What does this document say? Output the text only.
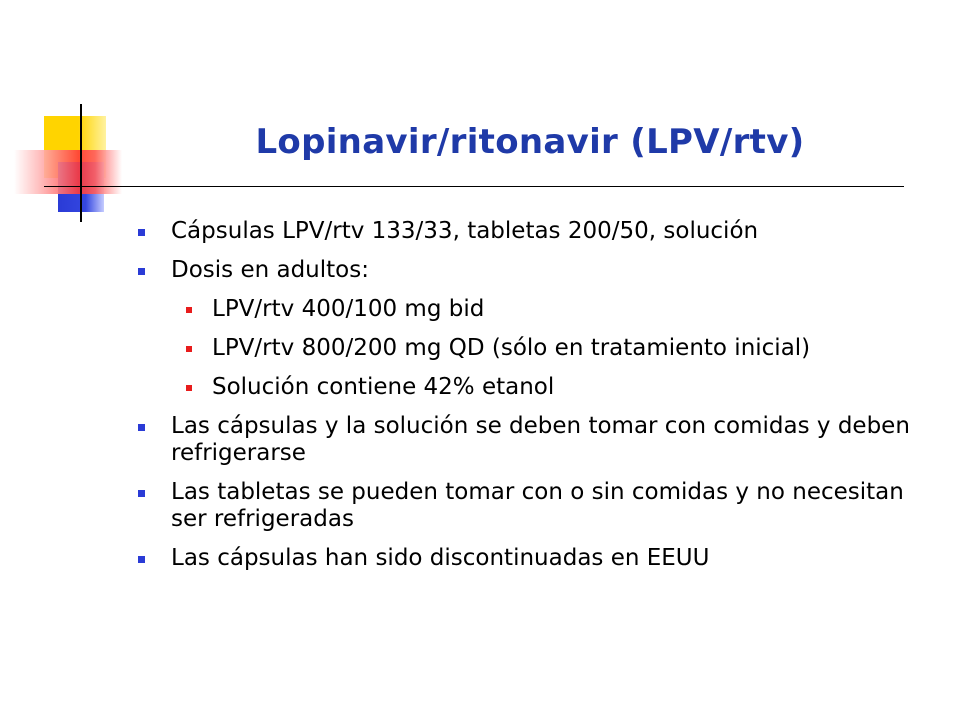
Lopinavir/ritonavir (LPV/rtv)
Cápsulas LPV/rtv 133/33, tabletas 200/50, solución
Dosis en adultos:
LPV/rtv 400/100 mg bid
LPV/rtv 800/200 mg QD (sólo en tratamiento inicial)
Solución contiene 42% etanol
Las cápsulas y la solución se deben tomar con comidas y deben refrigerarse
Las tabletas se pueden tomar con o sin comidas y no necesitan ser refrigeradas
Las cápsulas han sido discontinuadas en EEUU
